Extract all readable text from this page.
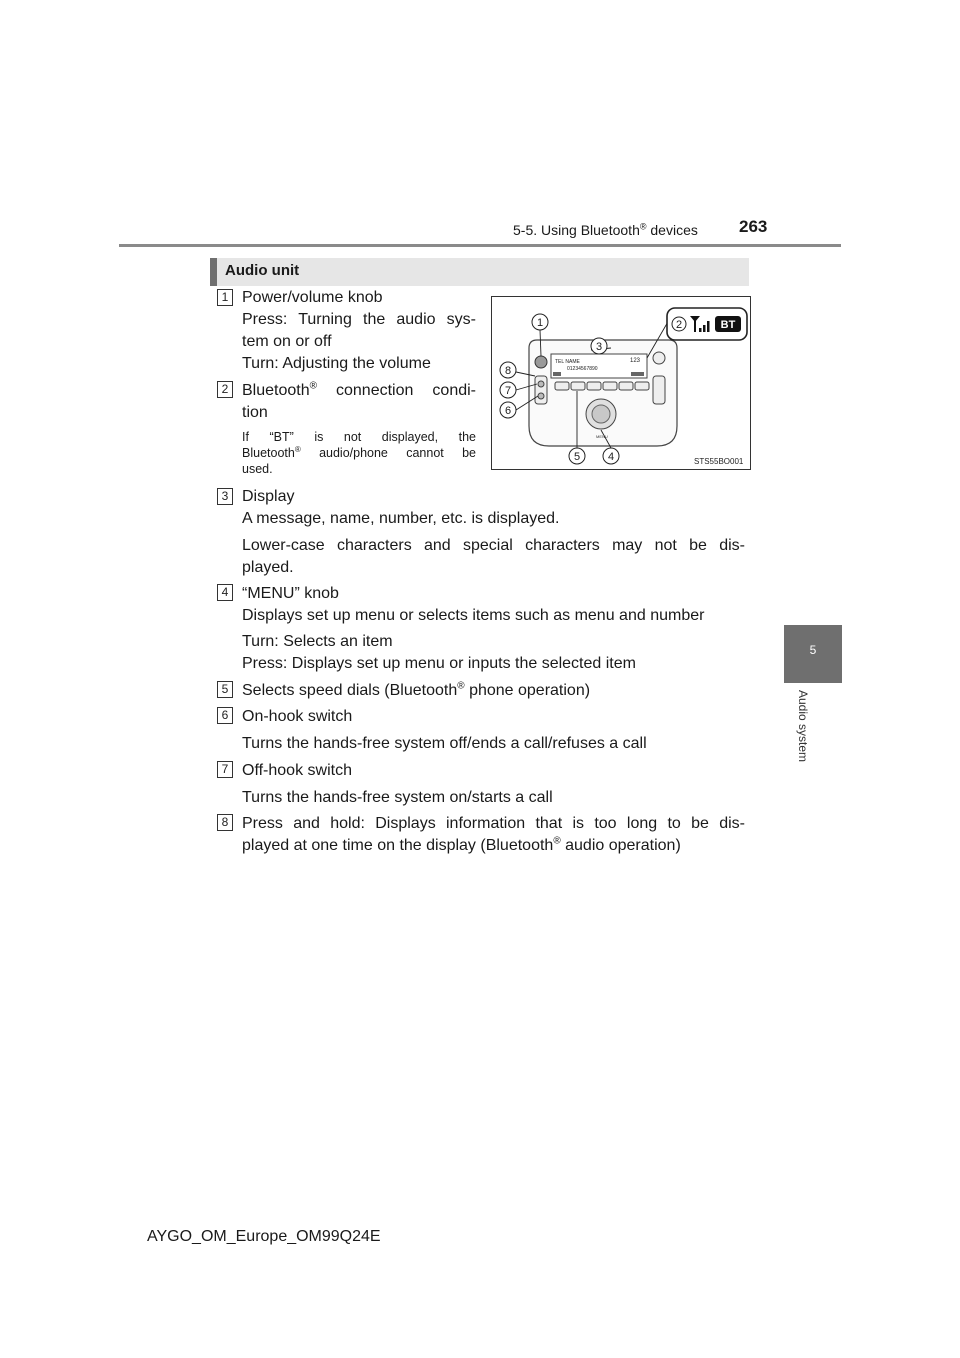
5-5. Using Bluetooth® devices 263
5
Audio system
Audio unit
1 Power/volume knob
Press: Turning the audio sys-
tem on or off
Turn: Adjusting the volume
2 Bluetooth® connection condi-
tion
If “BT” is not displayed, the
Bluetooth® audio/phone cannot be
used.
3 Display
A message, name, number, etc. is displayed.
Lower-case characters and special characters may not be dis-
played.
4 “MENU” knob
Displays set up menu or selects items such as menu and number
Turn: Selects an item
Press: Displays set up menu or inputs the selected item
5 Selects speed dials (Bluetooth® phone operation)
6 On-hook switch
Turns the hands-free system off/ends a call/refuses a call
7 Off-hook switch
Turns the hands-free system on/starts a call
8 Press and hold: Displays information that is too long to be dis-
played at one time on the display (Bluetooth® audio operation)
TEL NAME
01234567890
123
MENU
1
3
8
7
6
5	4
2	BT
STS55BO001
AYGO_OM_Europe_OM99Q24E
